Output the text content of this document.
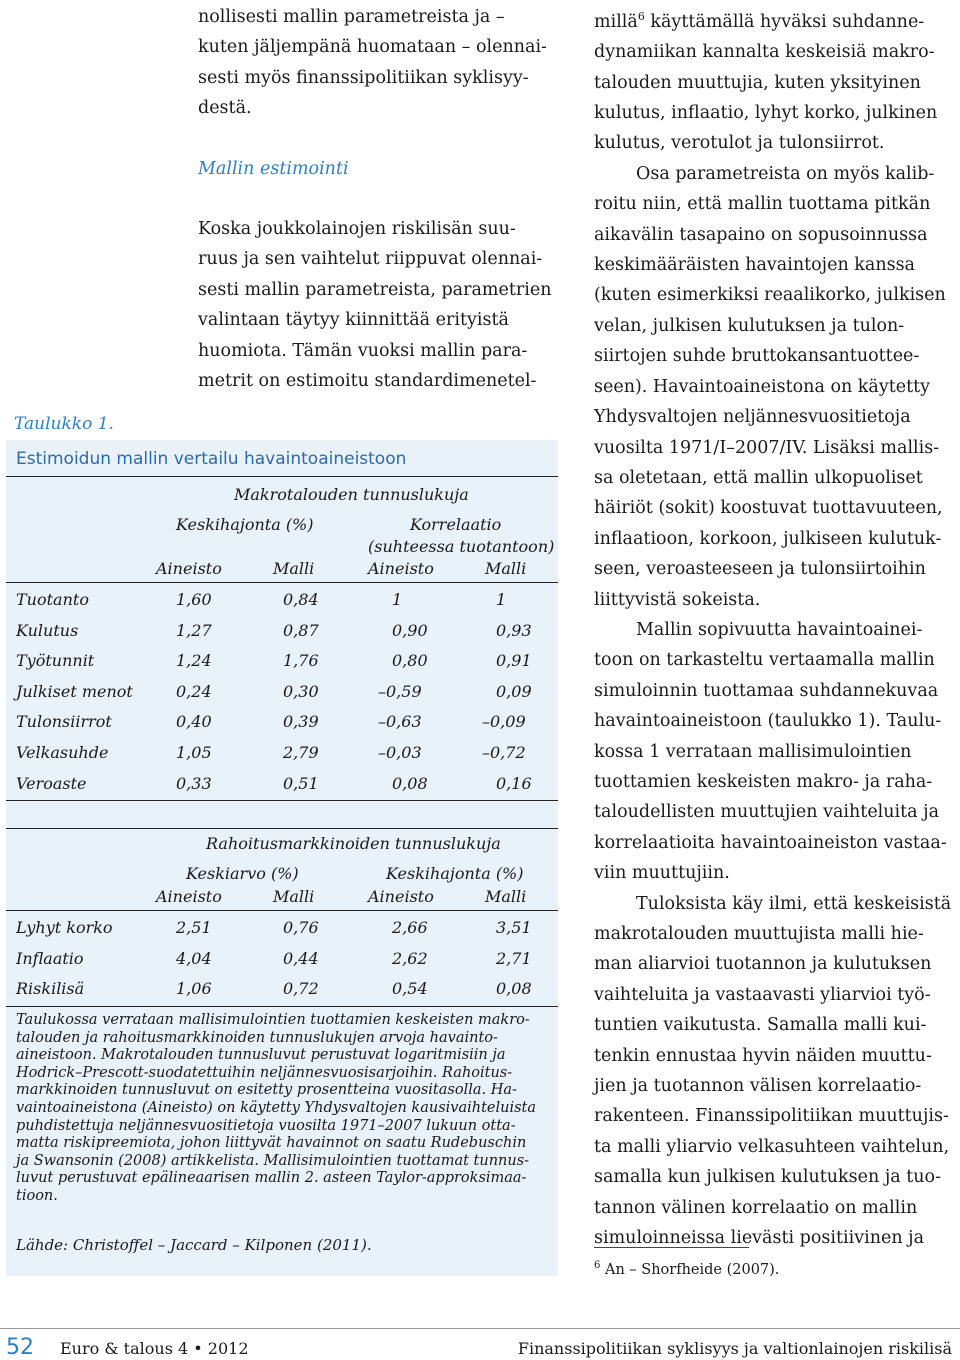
nollisesti mallin parametreista ja –
kuten jäljempänä huomataan – olennai-
sesti myös finanssipolitiikan syklisyy-
destä.
Mallin estimointi
Koska joukkolainojen riskilisän suu-
ruus ja sen vaihtelut riippuvat olennai-
sesti mallin parametreista, parametrien
valintaan täytyy kiinnittää erityistä
huomiota. Tämän vuoksi mallin para-
metrit on estimoitu standardimenetel-
millä$^6$ käyttämällä hyväksi suhdanne-
dynamiikan kannalta keskeisiä makro-
talouden muuttujia, kuten yksityinen
kulutus, inflaatio, lyhyt korko, julkinen
kulutus, verotulot ja tulonsiirrot.
Osa parametreista on myös kalib-
roitu niin, että mallin tuottama pitkän
aikavälin tasapaino on sopusoinnussa
keskimääräisten havaintojen kanssa
(kuten esimerkiksi reaalikorko, julkisen
velan, julkisen kulutuksen ja tulon-
siirtojen suhde bruttokansantuottee-
seen). Havaintoaineistona on käytetty
Yhdysvaltojen neljännesvuositietoja
vuosilta 1971/I–2007/IV. Lisäksi mallis-
sa oletetaan, että mallin ulkopuoliset
häiriöt (sokit) koostuvat tuottavuuteen,
inflaatioon, korkoon, julkiseen kulutuk-
seen, veroasteeseen ja tulonsiirtoihin
liittyvistä sokeista.
Mallin sopivuutta havaintoainei-
toon on tarkasteltu vertaamalla mallin
simuloinnin tuottamaa suhdannekuvaa
havaintoaineistoon (taulukko 1). Taulu-
kossa 1 verrataan mallisimulointien
tuottamien keskeisten makro- ja raha-
taloudellisten muuttujien vaihteluita ja
korrelaatioita havaintoaineiston vastaa-
viin muuttujiin.
Tuloksista käy ilmi, että keskeisistä
makrotalouden muuttujista malli hie-
man aliarvioi tuotannon ja kulutuksen
vaihteluita ja vastaavasti yliarvioi työ-
tuntien vaikutusta. Samalla malli kui-
tenkin ennustaa hyvin näiden muuttu-
jien ja tuotannon välisen korrelaatio-
rakenteen. Finanssipolitiikan muuttujis-
ta malli yliarvio velkasuhteen vaihtelun,
samalla kun julkisen kulutuksen ja tuo-
tannon välinen korrelaatio on mallin
simuloinneissa lievästi positiivinen ja
Taulukko 1.
Estimoidun mallin vertailu havaintoaineistoon
Makrotalouden tunnuslukuja
Keskihajonta (%)	Korrelaatio
(suhteessa tuotantoon)
Aineisto	Malli	Aineisto	Malli
Tuotanto	1,60	0,84	1	1
Kulutus	1,27	0,87	0,90	0,93
Työtunnit	1,24	1,76	0,80	0,91
Julkiset menot	0,24	0,30	–0,59	0,09
Tulonsiirrot	0,40	0,39	–0,63	–0,09
Velkasuhde	1,05	2,79	–0,03	–0,72
Veroaste	0,33	0,51	0,08	0,16
Rahoitusmarkkinoiden tunnuslukuja
Keskiarvo (%)	Keskihajonta (%)
Aineisto	Malli	Aineisto	Malli
Lyhyt korko	2,51	0,76	2,66	3,51
Inflaatio	4,04	0,44	2,62	2,71
Riskilisä	1,06	0,72	0,54	0,08
Taulukossa verrataan mallisimulointien tuottamien keskeisten makro-
talouden ja rahoitusmarkkinoiden tunnuslukujen arvoja havainto-
aineistoon. Makrotalouden tunnusluvut perustuvat logaritmisiin ja
Hodrick–Prescott-suodatettuihin neljännesvuosisarjoihin. Rahoitus-
markkinoiden tunnusluvut on esitetty prosentteina vuositasolla. Ha-
vaintoaineistona (Aineisto) on käytetty Yhdysvaltojen kausivaihteluista
puhdistettuja neljännesvuositietoja vuosilta 1971–2007 lukuun otta-
matta riskipreemiota, johon liittyvät havainnot on saatu Rudebuschin
ja Swansonin (2008) artikkelista. Mallisimulointien tuottamat tunnus-
luvut perustuvat epälineaarisen mallin 2. asteen Taylor-approksimaa-
tioon.
Lähde: Christoffel – Jaccard – Kilponen (2011).
$^6$ An – Shorfheide (2007).
52 Euro & talous 4 • 2012	Finanssipolitiikan syklisyys ja valtionlainojen riskilisä
